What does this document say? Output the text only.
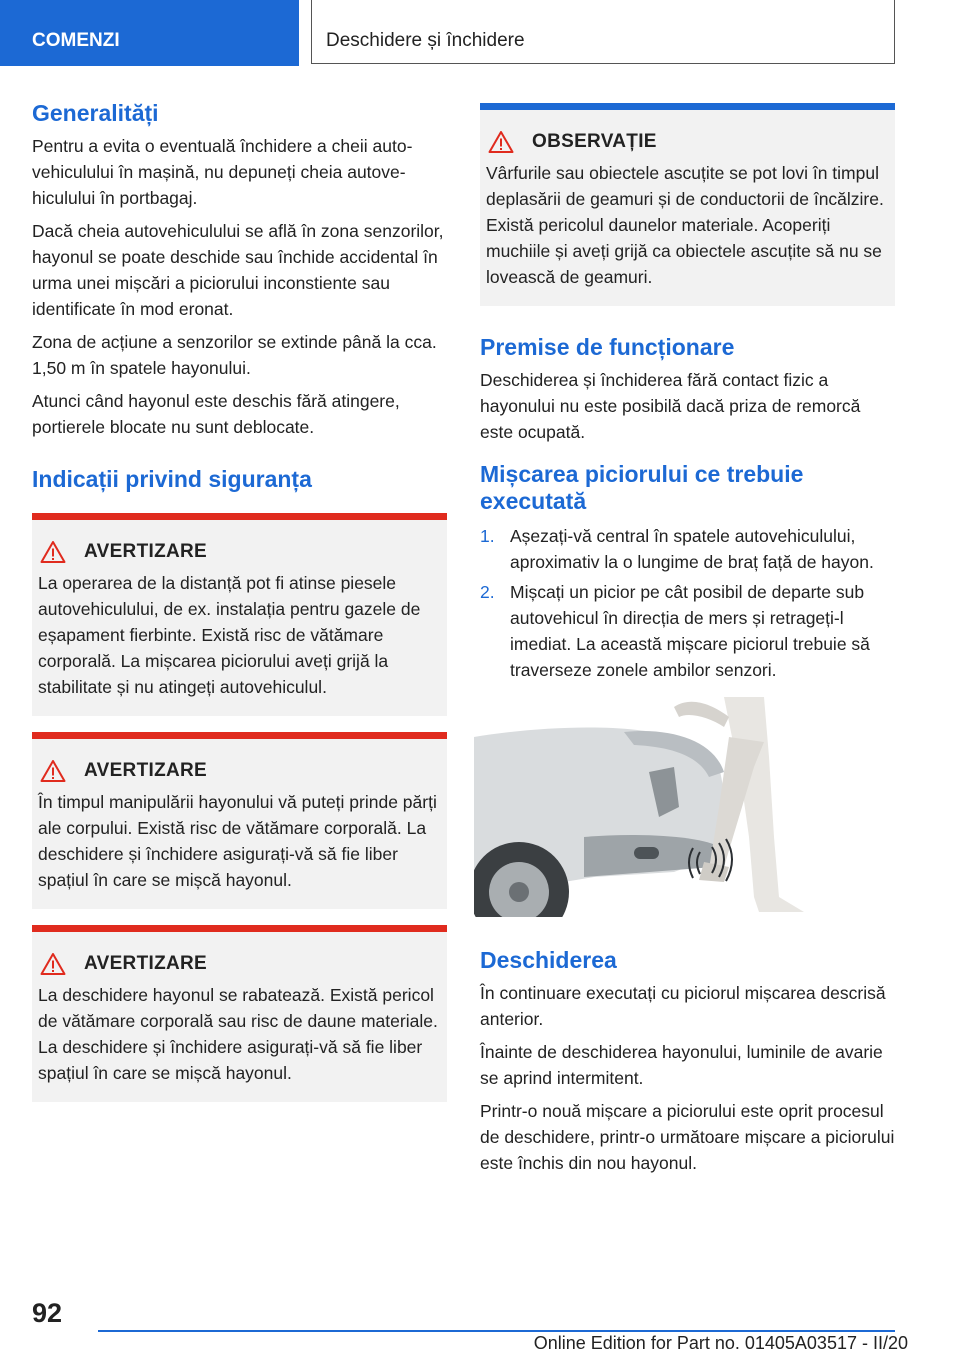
COMENZI	Deschidere și închidere
Generalități

Pentru a evita o eventuală închidere a cheii autovehiculului în mașină, nu depuneți cheia autovehiculului în portbagaj.

Dacă cheia autovehiculului se află în zona senzorilor, hayonul se poate deschide sau închide accidental în urma unei mișcări a piciorului inconstiente sau identificate în mod eronat.

Zona de acțiune a senzorilor se extinde până la cca. 1,50 m în spatele hayonului.

Atunci când hayonul este deschis fără atingere, portierele blocate nu sunt deblocate.

Indicații privind siguranța
AVERTIZARE
La operarea de la distanță pot fi atinse piesele autovehiculului, de ex. instalația pentru gazele de eșapament fierbinte. Există risc de vătămare corporală. La mișcarea piciorului aveți grijă la stabilitate și nu atingeți autovehiculul.
AVERTIZARE
În timpul manipulării hayonului vă puteți prinde părți ale corpului. Există risc de vătămare corporală. La deschidere și închidere asigurați-vă să fie liber spațiul în care se mișcă hayonul.
AVERTIZARE
La deschidere hayonul se rabatează. Există pericol de vătămare corporală sau risc de daune materiale. La deschidere și închidere asigurați-vă să fie liber spațiul în care se mișcă hayonul.
OBSERVAȚIE
Vârfurile sau obiectele ascuțite se pot lovi în timpul deplasării de geamuri și de conductorii de încălzire. Există pericolul daunelor materiale. Acoperiți muchiile și aveți grijă ca obiectele ascuțite să nu se lovească de geamuri.
Premise de funcționare

Deschiderea și închiderea fără contact fizic a hayonului nu este posibilă dacă priza de remorcă este ocupată.

Mișcarea piciorului ce trebuie executată
1. Așezați-vă central în spatele autovehiculului, aproximativ la o lungime de braț față de hayon.
2. Mișcați un picior pe cât posibil de departe sub autovehicul în direcția de mers și retrageți-l imediat. La această mișcare piciorul trebuie să traverseze zonele ambilor senzori.
Deschiderea

În continuare executați cu piciorul mișcarea descrisă anterior.

Înainte de deschiderea hayonului, luminile de avarie se aprind intermitent.

Printr-o nouă mișcare a piciorului este oprit procesul de deschidere, printr-o următoare mișcare a piciorului este închis din nou hayonul.

92
Online Edition for Part no. 01405A03517 - II/20
